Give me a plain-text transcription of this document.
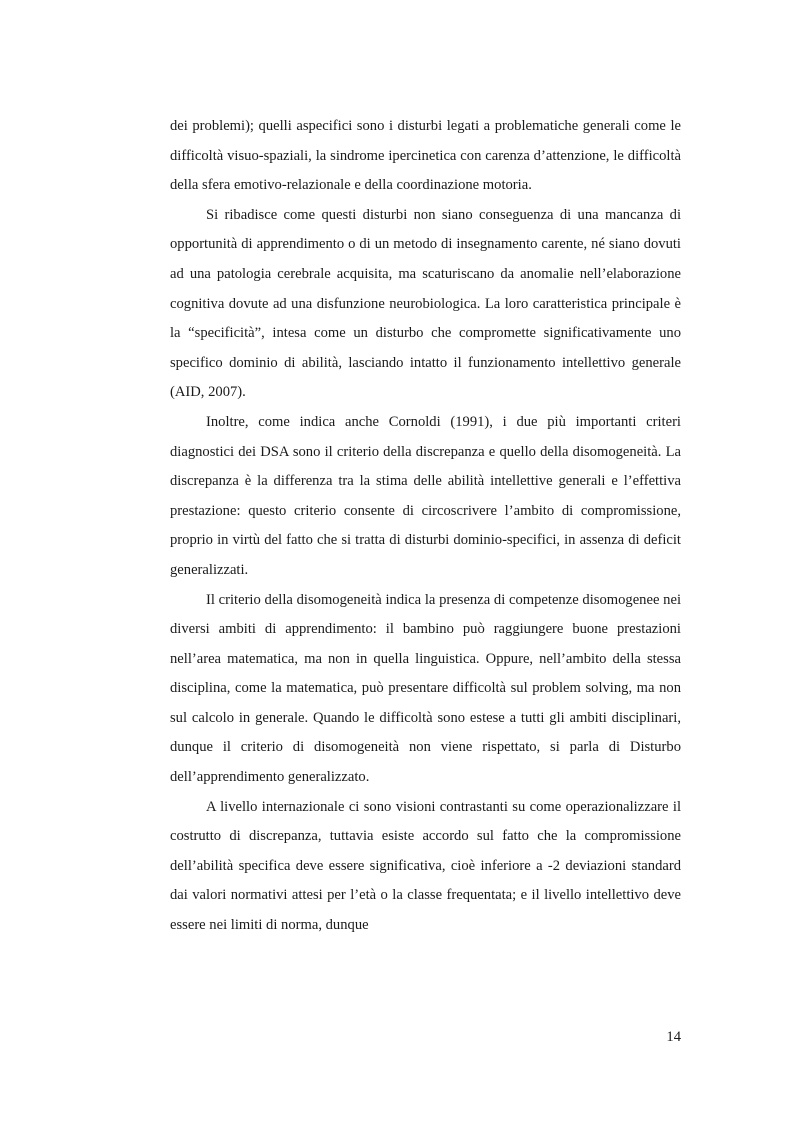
dei problemi); quelli aspecifici sono i disturbi legati a problematiche generali come le difficoltà visuo-spaziali, la sindrome ipercinetica con carenza d’attenzione, le difficoltà della sfera emotivo-relazionale e della coordinazione motoria.

Si ribadisce come questi disturbi non siano conseguenza di una mancanza di opportunità di apprendimento o di un metodo di insegnamento carente, né siano dovuti ad una patologia cerebrale acquisita, ma scaturiscano da anomalie nell’elaborazione cognitiva dovute ad una disfunzione neurobiologica. La loro caratteristica principale è la “specificità”, intesa come un disturbo che compromette significativamente uno specifico dominio di abilità, lasciando intatto il funzionamento intellettivo generale (AID, 2007).

Inoltre, come indica anche Cornoldi (1991), i due più importanti criteri diagnostici dei DSA sono il criterio della discrepanza e quello della disomogeneità. La discrepanza è la differenza tra la stima delle abilità intellettive generali e l’effettiva prestazione: questo criterio consente di circoscrivere l’ambito di compromissione, proprio in virtù del fatto che si tratta di disturbi dominio-specifici, in assenza di deficit generalizzati.

Il criterio della disomogeneità indica la presenza di competenze disomogenee nei diversi ambiti di apprendimento: il bambino può raggiungere buone prestazioni nell’area matematica, ma non in quella linguistica. Oppure, nell’ambito della stessa disciplina, come la matematica, può presentare difficoltà sul problem solving, ma non sul calcolo in generale. Quando le difficoltà sono estese a tutti gli ambiti disciplinari, dunque il criterio di disomogeneità non viene rispettato, si parla di Disturbo dell’apprendimento generalizzato.

A livello internazionale ci sono visioni contrastanti su come operazionalizzare il costrutto di discrepanza, tuttavia esiste accordo sul fatto che la compromissione dell’abilità specifica deve essere significativa, cioè inferiore a -2 deviazioni standard dai valori normativi attesi per l’età o la classe frequentata; e il livello intellettivo deve essere nei limiti di norma, dunque

14
